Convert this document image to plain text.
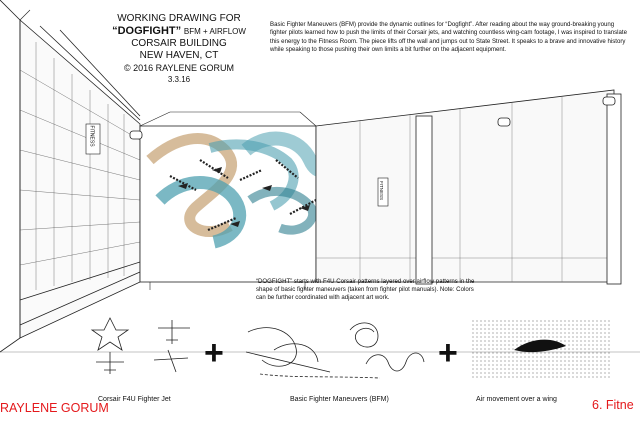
WORKING DRAWING FOR
“DOGFIGHT” BFM + AIRFLOW
CORSAIR BUILDING
NEW HAVEN, CT
© 2016 RAYLENE GORUM
3.3.16
Basic Fighter Maneuvers (BFM) provide the dynamic outlines for “Dogfight”. After reading about the way ground-breaking young fighter pilots learned how to push the limits of their Corsair jets, and watching countless wing-cam footage, I was inspired to translate this energy to the Fitness Room. The piece lifts off the wall and jumps out to State Street. It speaks to a brave and innovative history while speaking to those pushing their own limits a bit further on the adjacent equipment.
“DOGFIGHT” starts with F4U Corsair patterns layered over airflow patterns in the shape of basic fighter maneuvers (taken from fighter pilot manuals). Note: Colors can be further coordinated with adjacent art work.
FITNESS
FITNESS
+	+
Corsair F4U Fighter Jet	Basic Fighter Maneuvers (BFM)	Air movement over a wing
RAYLENE GORUM	6. Fitne
